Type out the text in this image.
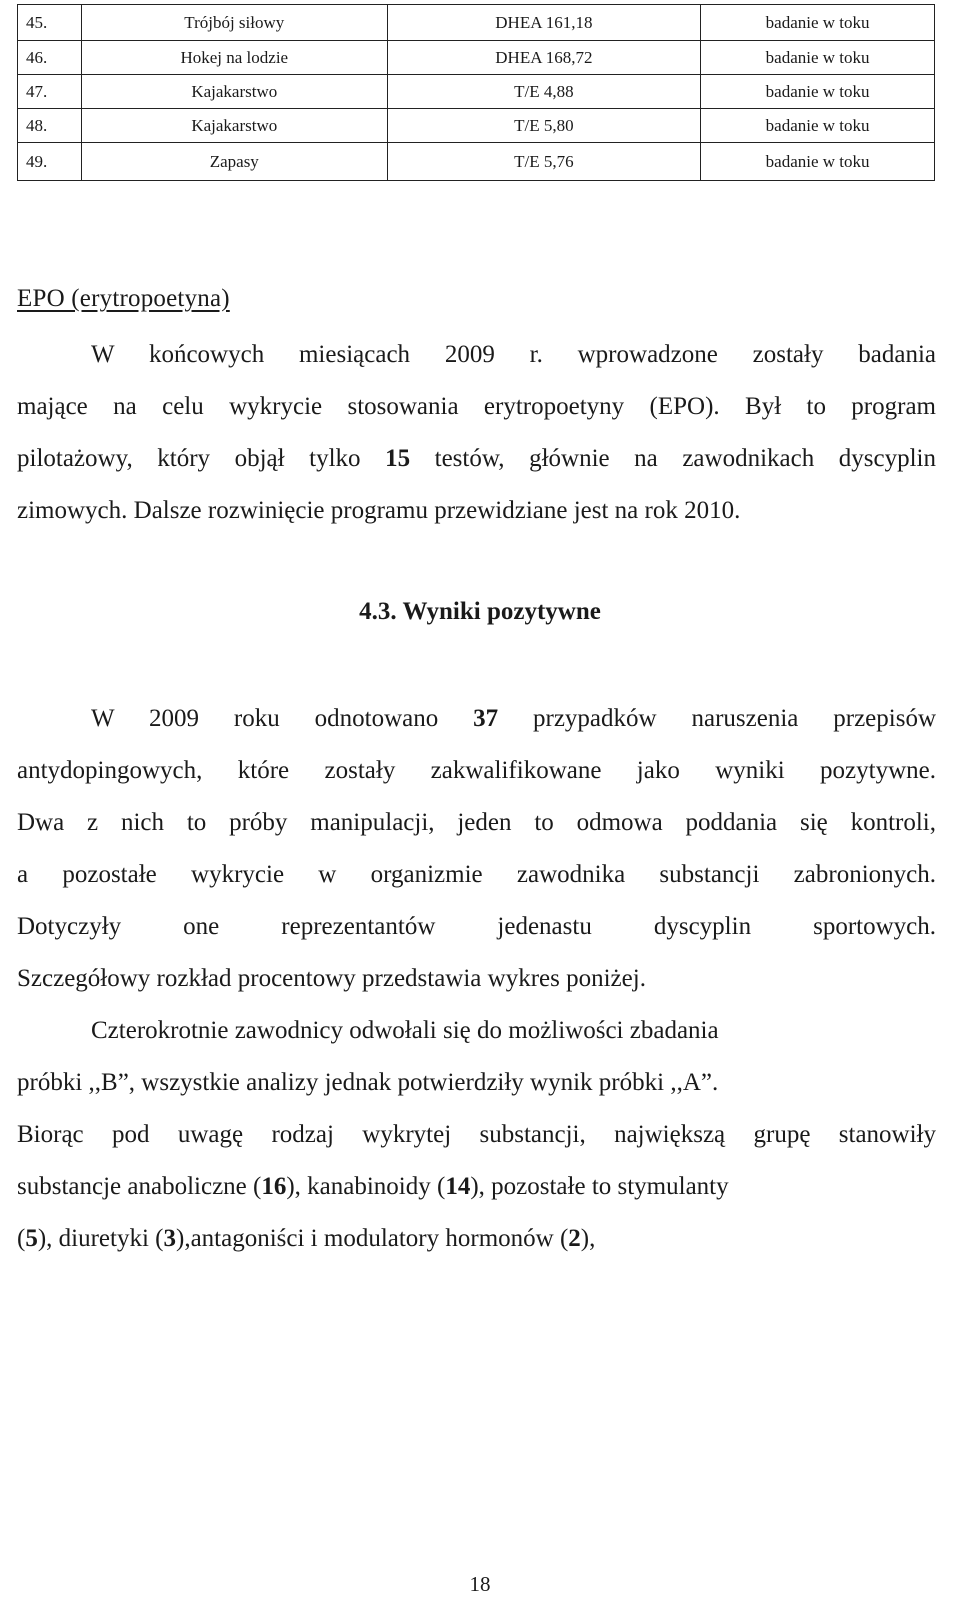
45.	Trójbój siłowy	DHEA 161,18	badanie w toku
46.	Hokej na lodzie	DHEA 168,72	badanie w toku
47.	Kajakarstwo	T/E 4,88	badanie w toku
48.	Kajakarstwo	T/E 5,80	badanie w toku
49.	Zapasy	T/E 5,76	badanie w toku
EPO (erytropoetyna)
W końcowych miesiącach 2009 r. wprowadzone zostały badania
mające na celu wykrycie stosowania erytropoetyny (EPO). Był to program
pilotażowy, który objął tylko 15 testów, głównie na zawodnikach dyscyplin
zimowych. Dalsze rozwinięcie programu przewidziane jest na rok 2010.
4.3. Wyniki pozytywne
W 2009 roku odnotowano 37 przypadków naruszenia przepisów
antydopingowych, które zostały zakwalifikowane jako wyniki pozytywne.
Dwa z nich to próby manipulacji, jeden to odmowa poddania się kontroli,
a pozostałe wykrycie w organizmie zawodnika substancji zabronionych.
Dotyczyły one reprezentantów jedenastu dyscyplin sportowych.
Szczegółowy rozkład procentowy przedstawia wykres poniżej.
Czterokrotnie zawodnicy odwołali się do możliwości zbadania
próbki ,,B”, wszystkie analizy jednak potwierdziły wynik próbki ,,A”.
Biorąc pod uwagę rodzaj wykrytej substancji, największą grupę stanowiły
substancje anaboliczne (16), kanabinoidy (14), pozostałe to stymulanty
(5), diuretyki (3),antagoniści i modulatory hormonów (2),
18
